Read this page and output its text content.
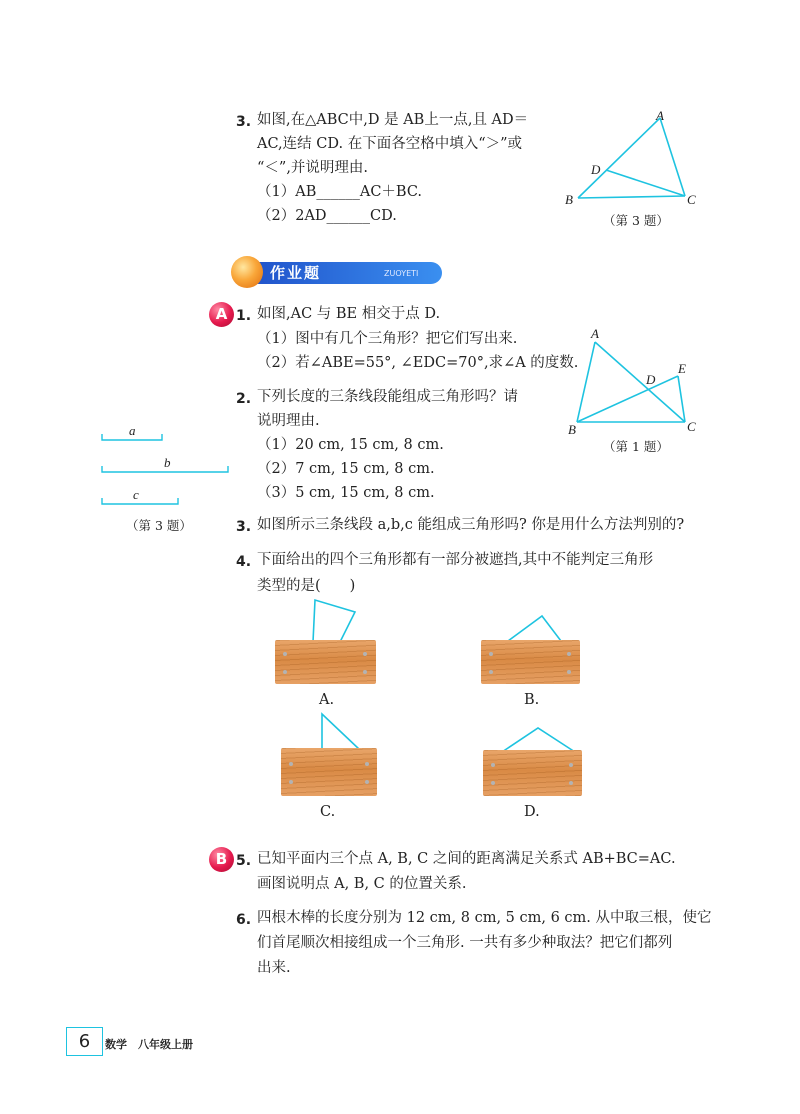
3. 如图,在△ABC中,D 是 AB上一点,且 AD＝
AC,连结 CD. 在下面各空格中填入“＞”或
“＜”,并说明理由.
（1）AB______AC＋BC.
（2）2AD______CD.
A
B	C
D
（第 3 题）
作业题	ZUOYETI
A 1. 如图,AC 与 BE 相交于点 D.
（1）图中有几个三角形？把它们写出来.
（2）若∠ABE=55°, ∠EDC=70°,求∠A 的度数.
A
B	C
D
E
（第 1 题）
2. 下列长度的三条线段能组成三角形吗？请
说明理由.
（1）20 cm, 15 cm, 8 cm.
（2）7 cm, 15 cm, 8 cm.
（3）5 cm, 15 cm, 8 cm.
a
b
c
（第 3 题）	3. 如图所示三条线段 a,b,c 能组成三角形吗? 你是用什么方法判别的?
4. 下面给出的四个三角形都有一部分被遮挡,其中不能判定三角形
类型的是(　　)
A.	B.
C.	D.
B 5. 已知平面内三个点 A, B, C 之间的距离满足关系式 AB+BC=AC.
画图说明点 A, B, C 的位置关系.
6. 四根木棒的长度分别为 12 cm, 8 cm, 5 cm, 6 cm. 从中取三根，使它
们首尾顺次相接组成一个三角形. 一共有多少种取法？把它们都列
出来.
6	数学　八年级上册
